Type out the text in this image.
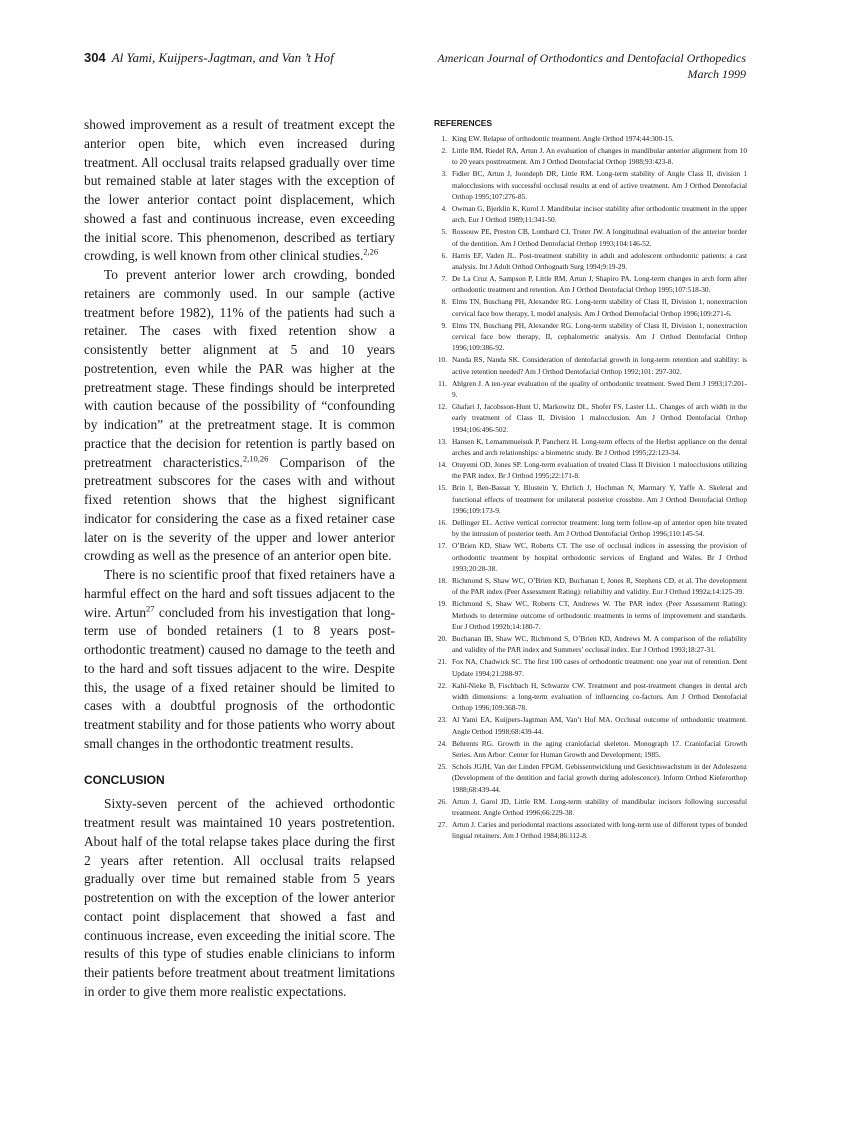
304 Al Yami, Kuijpers-Jagtman, and Van ’t Hof	American Journal of Orthodontics and Dentofacial Orthopedics
March 1999

showed improvement as a result of treatment except the anterior open bite, which even increased during treatment. All occlusal traits relapsed gradually over time but remained stable at later stages with the exception of the lower anterior contact point displacement, which showed a fast and continuous increase, even exceeding the initial score. This phenomenon, described as tertiary crowding, is well known from other clinical studies.$^{2,26}$

To prevent anterior lower arch crowding, bonded retainers are commonly used. In our sample (active treatment before 1982), 11% of the patients had such a retainer. The cases with fixed retention show a consistently better alignment at 5 and 10 years postretention, even while the PAR was higher at the pretreatment stage. These findings should be interpreted with caution because of the possibility of “confounding by indication” at the pretreatment stage. It is common practice that the decision for retention is partly based on pretreatment characteristics.$^{2,10,26}$ Comparison of the pretreatment subscores for the cases with and without fixed retention shows that the highest significant indicator for considering the case as a fixed retainer case later on is the severity of the upper and lower anterior crowding as well as the presence of an anterior open bite.

There is no scientific proof that fixed retainers have a harmful effect on the hard and soft tissues adjacent to the wire. Artun$^{27}$ concluded from his investigation that long-term use of bonded retainers (1 to 8 years post-orthodontic treatment) caused no damage to the teeth and to the hard and soft tissues adjacent to the wire. Despite this, the usage of a fixed retainer should be limited to cases with a doubtful prognosis of the orthodontic treatment stability and for those patients who worry about small changes in the orthodontic treatment results.

CONCLUSION

Sixty-seven percent of the achieved orthodontic treatment result was maintained 10 years postretention. About half of the total relapse takes place during the first 2 years after retention. All occlusal traits relapsed gradually over time but remained stable from 5 years postretention on with the exception of the lower anterior contact point displacement that showed a fast and continuous increase, even exceeding the initial score. The results of this type of studies enable clinicians to inform their patients before treatment about treatment limitations in order to give them more realistic expectations.

REFERENCES
1. King EW. Relapse of orthodontic treatment. Angle Orthod 1974;44:300-15.
2. Little RM, Riedel RA, Artun J. An evaluation of changes in mandibular anterior alignment from 10 to 20 years posttreatment. Am J Orthod Dentofacial Orthop 1988;93:423-8.
3. Fidler BC, Artun J, Joondeph DR, Little RM. Long-term stability of Angle Class II, division 1 malocclusions with successful occlusal results at end of active treatment. Am J Orthod Dentofacial Orthop 1995;107:276-85.
4. Owman G, Bjerklin K, Kurol J. Mandibular incisor stability after orthodontic treatment in the upper arch. Eur J Orthod 1989;11:341-50.
5. Rossouw PE, Preston CB, Lombard CJ, Truter JW. A longitudinal evaluation of the anterior border of the dentition. Am J Orthod Dentofacial Orthop 1993;104:146-52.
6. Harris EF, Vaden JL. Post-treatment stability in adult and adolescent orthodontic patients: a cast analysis. Int J Adult Orthod Orthognath Surg 1994;9:19-29.
7. De La Cruz A, Sampson P, Little RM, Artun J, Shapiro PA. Long-term changes in arch form after orthodontic treatment and retention. Am J Orthod Dentofacial Orthop 1995;107:518-30.
8. Elms TN, Buschang PH, Alexander RG. Long-term stability of Class II, Division 1, nonextraction cervical face bow therapy, I, model analysis. Am J Orthod Dentofacial Orthop 1996;109:271-6.
9. Elms TN, Buschang PH, Alexander RG. Long-term stability of Class II, Division 1, nonextraction cervical face bow therapy, II, cephalometric analysis. Am J Orthod Dentofacial Orthop 1996;109:386-92.
10. Nanda RS, Nanda SK. Consideration of dentofacial growth in long-term retention and stability: is active retention needed? Am J Orthod Dentofacial Orthop 1992;101: 297-302.
11. Ahlgren J. A ten-year evaluation of the quality of orthodontic treatment. Swed Dent J 1993;17:201-9.
12. Ghafari J, Jacobsson-Hunt U, Markowitz DL, Shofer FS, Laster LL. Changes of arch width in the early treatment of Class II, Division 1 malocclusion. Am J Orthod Dentofacial Orthop 1994;106:496-502.
13. Hansen K, Lemammueisuk P, Pancherz H. Long-term effects of the Herbst appliance on the dental arches and arch relationships: a biometric study. Br J Orthod 1995;22:123-34.
14. Otuyemi OD, Jones SP. Long-term evaluation of treated Class II Division 1 malocclusions utilizing the PAR index. Br J Orthod 1995;22:171-8.
15. Brin I, Ben-Bassat Y, Blustein Y, Ehrlich J, Hochman N, Marmary Y, Yaffe A. Skeletal and functional effects of treatment for unilateral posterior crossbite. Am J Orthod Dentofacial Orthop 1996;109:173-9.
16. Dellinger EL. Active vertical corrector treatment: long term follow-up of anterior open bite treated by the intrusion of posterior teeth. Am J Orthod Dentofacial Orthop 1996;110:145-54.
17. O’Brien KD, Shaw WC, Roberts CT. The use of occlusal indices in assessing the provision of orthodontic treatment by hospital orthodontic services of England and Wales. Br J Orthod 1993;20:28-38.
18. Richmond S, Shaw WC, O’Brien KD, Buchanan I, Jones R, Stephens CD, et al. The development of the PAR index (Peer Assessment Rating): reliability and validity. Eur J Orthod 1992a;14:125-39.
19. Richmond S, Shaw WC, Roberts CT, Andrews W. The PAR index (Peer Assessment Rating): Methods to determine outcome of orthodontic treatments in terms of improvement and standards. Eur J Orthod 1992b;14:180-7.
20. Buchanan IB, Shaw WC, Richmond S, O’Brien KD, Andrews M. A comparison of the reliability and validity of the PAR index and Summers’ occlusal index. Eur J Orthod 1993;18:27-31.
21. Fox NA, Chadwick SC. The first 100 cases of orthodontic treatment: one year out of retention. Dent Update 1994;21:288-97.
22. Kahl-Nieke B, Fischbach H, Schwarze CW. Treatment and post-treatment changes in dental arch width dimensions: a long-term evaluation of influencing co-factors. Am J Orthod Dentofacial Orthop 1996;109:368-78.
23. Al Yami EA, Kuijpers-Jagtman AM, Van’t Hof MA. Occlusal outcome of orthodontic treatment. Angle Orthod 1998;68:439-44.
24. Behrents RG. Growth in the aging craniofacial skeleton. Monograph 17. Craniofacial Growth Series. Ann Arbor: Center for Human Growth and Development; 1985.
25. Schols JGJH, Van der Linden FPGM. Gebissentwicklung und Gesichtswachstum in der Adoleszenz (Development of the dentition and facial growth during adolescence). Inform Orthod Kieferorthop 1988;68:439-44.
26. Artun J, Garol JD, Little RM. Long-term stability of mandibular incisors following successful treatment. Angle Orthod 1996;66:229-38.
27. Artun J. Caries and periodontal reactions associated with long-term use of different types of bonded lingual retainers. Am J Orthod 1984;86:112-8.
